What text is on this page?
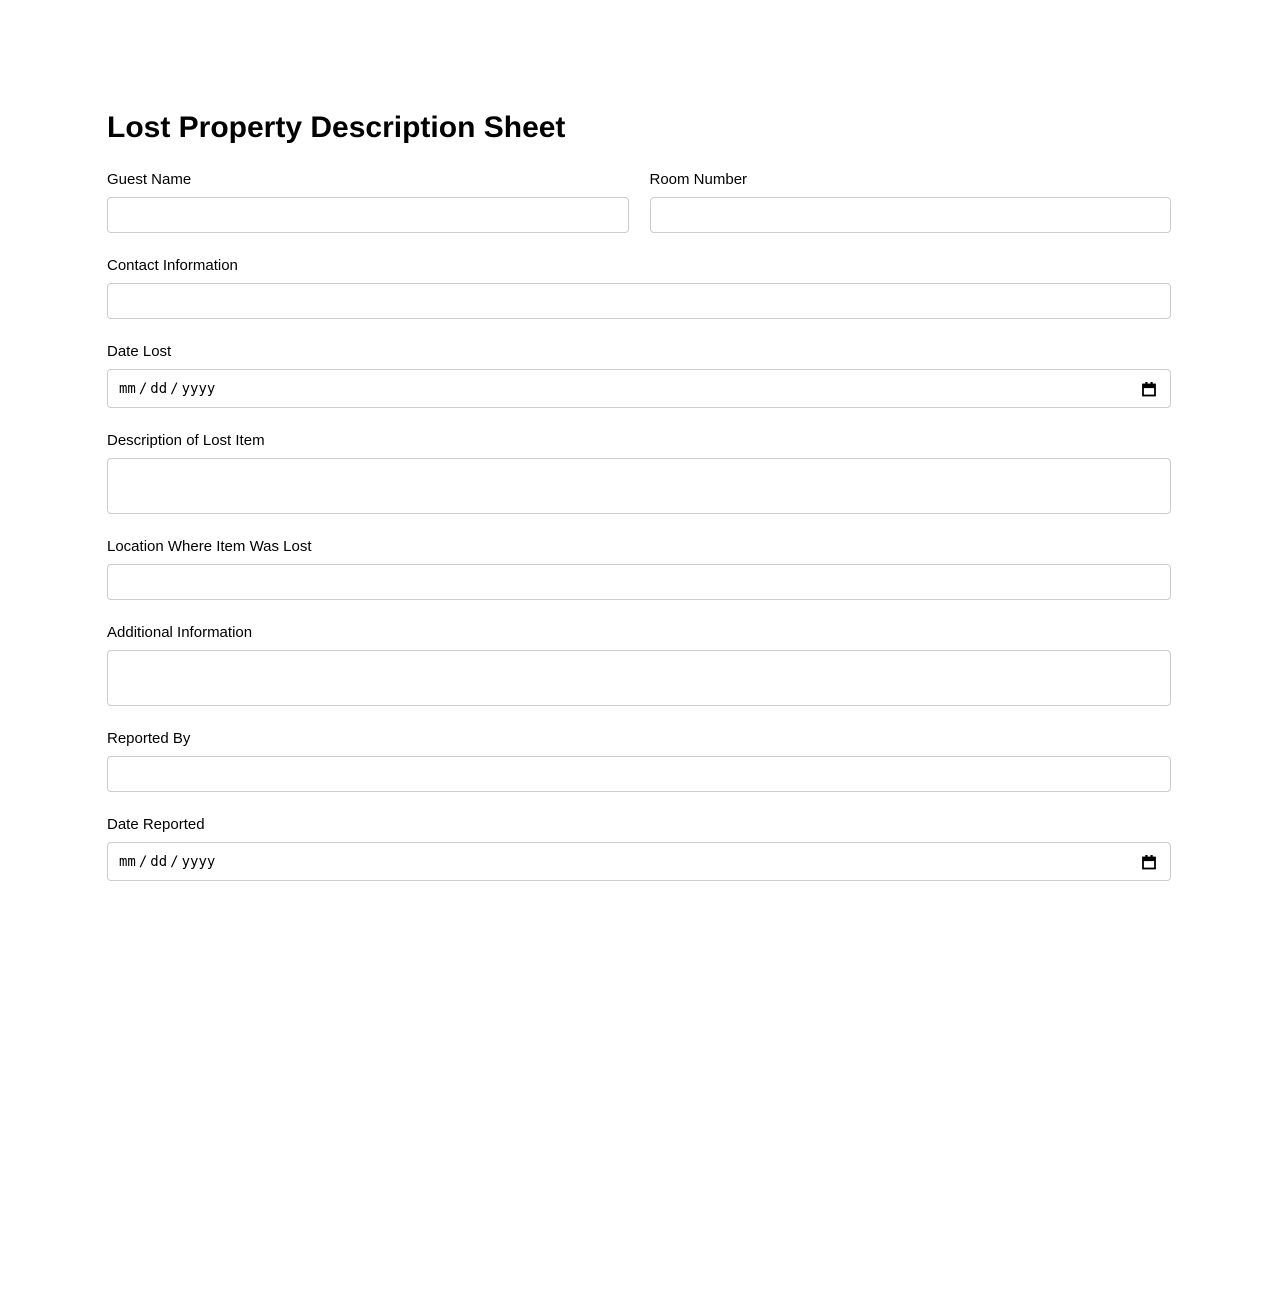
Lost Property Description Sheet
Guest Name	Room Number
Contact Information
Date Lost
mm / dd / yyyy
Description of Lost Item
Location Where Item Was Lost
Additional Information
Reported By
Date Reported
mm / dd / yyyy
